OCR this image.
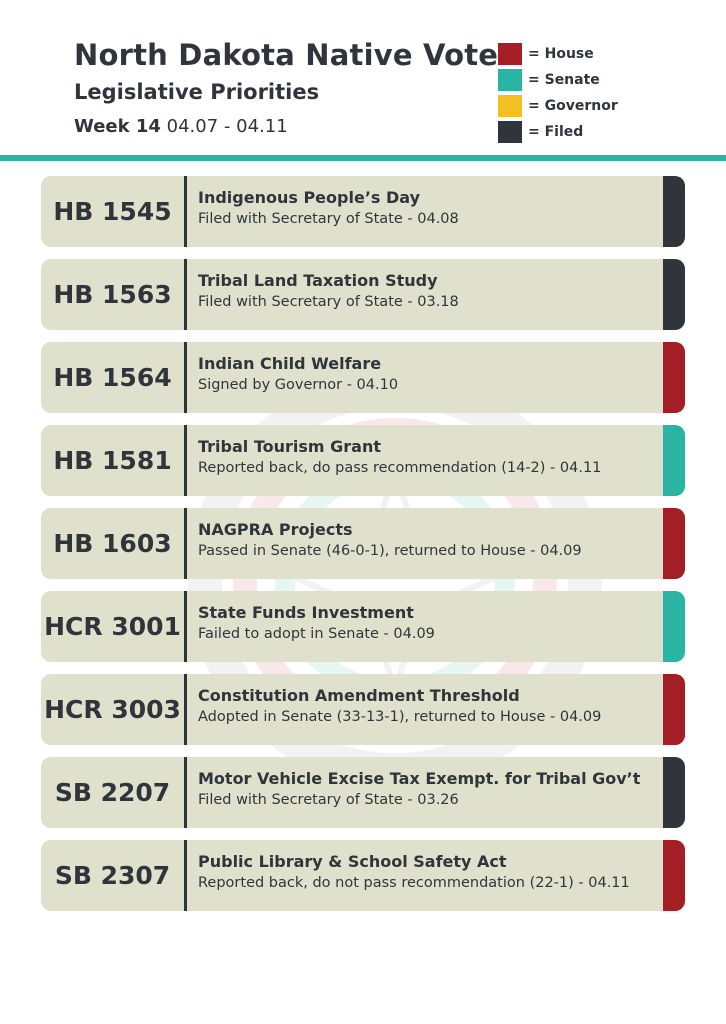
North Dakota Native Vote
Legislative Priorities
Week 14 04.07 - 04.11
= House
= Senate
= Governor
= Filed
HB 1545	Indigenous People’s Day
Filed with Secretary of State - 04.08
HB 1563	Tribal Land Taxation Study
Filed with Secretary of State - 03.18
HB 1564	Indian Child Welfare
Signed by Governor - 04.10
HB 1581	Tribal Tourism Grant
Reported back, do pass recommendation (14-2) - 04.11
HB 1603	NAGPRA Projects
Passed in Senate (46-0-1), returned to House - 04.09
HCR 3001 State Funds Investment
Failed to adopt in Senate - 04.09
HCR 3003 Constitution Amendment Threshold
Adopted in Senate (33-13-1), returned to House - 04.09
SB 2207	Motor Vehicle Excise Tax Exempt. for Tribal Gov’t
Filed with Secretary of State - 03.26
SB 2307	Public Library & School Safety Act
Reported back, do not pass recommendation (22-1) - 04.11
